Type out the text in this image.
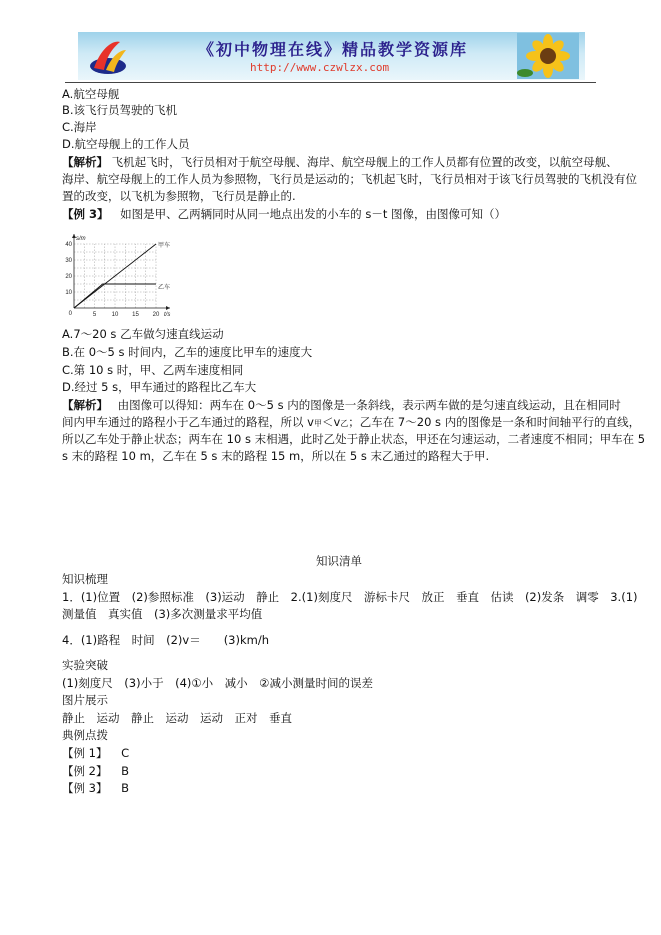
《初中物理在线》精品教学资源库
http://www.czwlzx.com
A.航空母舰
B.该飞行员驾驶的飞机
C.海岸
D.航空母舰上的工作人员
【解析】 飞机起飞时，飞行员相对于航空母舰、海岸、航空母舰上的工作人员都有位置的改变，以航空母舰、
海岸、航空母舰上的工作人员为参照物，飞行员是运动的；飞机起飞时，飞行员相对于该飞行员驾驶的飞机没有位
置的改变，以飞机为参照物，飞行员是静止的.
【例 3】 如图是甲、乙两辆同时从同一地点出发的小车的 s－t 图像，由图像可知（）
5	10 15 20
10
20
30
40
0	t/s
s/m
甲车
乙车
A.7～20 s 乙车做匀速直线运动
B.在 0～5 s 时间内，乙车的速度比甲车的速度大
C.第 10 s 时，甲、乙两车速度相同
D.经过 5 s，甲车通过的路程比乙车大
【解析】 由图像可以得知：两车在 0～5 s 内的图像是一条斜线，表示两车做的是匀速直线运动，且在相同时
间内甲车通过的路程小于乙车通过的路程，所以 v甲＜v乙；乙车在 7～20 s 内的图像是一条和时间轴平行的直线，
所以乙车处于静止状态；两车在 10 s 末相遇，此时乙处于静止状态，甲还在匀速运动，二者速度不相同；甲车在 5
s 末的路程 10 m，乙车在 5 s 末的路程 15 m，所以在 5 s 末乙通过的路程大于甲.
知识清单
知识梳理
1．(1)位置　(2)参照标准　(3)运动　静止　2.(1)刻度尺　游标卡尺　放正　垂直　估读　(2)发条　调零　3.(1)
测量值　真实值　(3)多次测量求平均值
4．(1)路程　时间　(2)v＝　　(3)km/h
实验突破
(1)刻度尺　(3)小于　(4)①小　减小　②减小测量时间的误差
图片展示
静止　运动　静止　运动　运动　正对　垂直
典例点拨
【例 1】 C
【例 2】 B
【例 3】 B
